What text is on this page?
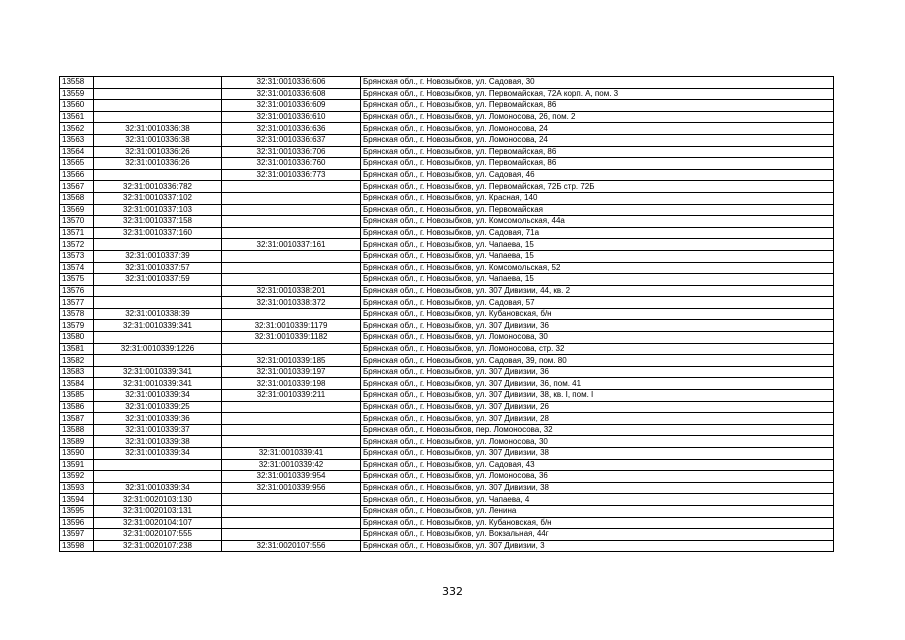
13558		32:31:0010336:606	Брянская обл., г. Новозыбков, ул. Садовая, 30
13559		32:31:0010336:608	Брянская обл., г. Новозыбков, ул. Первомайская, 72А корп. А, пом. 3
13560		32:31:0010336:609	Брянская обл., г. Новозыбков, ул. Первомайская, 86
13561		32:31:0010336:610	Брянская обл., г. Новозыбков, ул. Ломоносова, 26, пом. 2
13562	32:31:0010336:38	32:31:0010336:636	Брянская обл., г. Новозыбков, ул. Ломоносова, 24
13563	32:31:0010336:38	32:31:0010336:637	Брянская обл., г. Новозыбков, ул. Ломоносова, 24
13564	32:31:0010336:26	32:31:0010336:706	Брянская обл., г. Новозыбков, ул. Первомайская, 86
13565	32:31:0010336:26	32:31:0010336:760	Брянская обл., г. Новозыбков, ул. Первомайская, 86
13566		32:31:0010336:773	Брянская обл., г. Новозыбков, ул. Садовая, 46
13567	32:31:0010336:782		Брянская обл., г. Новозыбков, ул. Первомайская, 72Б стр. 72Б
13568	32:31:0010337:102		Брянская обл., г. Новозыбков, ул. Красная, 140
13569	32:31:0010337:103		Брянская обл., г. Новозыбков, ул. Первомайская
13570	32:31:0010337:158		Брянская обл., г. Новозыбков, ул. Комсомольская, 44а
13571	32:31:0010337:160		Брянская обл., г. Новозыбков, ул. Садовая, 71а
13572		32:31:0010337:161	Брянская обл., г. Новозыбков, ул. Чапаева, 15
13573	32:31:0010337:39		Брянская обл., г. Новозыбков, ул. Чапаева, 15
13574	32:31:0010337:57		Брянская обл., г. Новозыбков, ул. Комсомольская, 52
13575	32:31:0010337:59		Брянская обл., г. Новозыбков, ул. Чапаева, 15
13576		32:31:0010338:201	Брянская обл., г. Новозыбков, ул. 307 Дивизии, 44, кв. 2
13577		32:31:0010338:372	Брянская обл., г. Новозыбков, ул. Садовая, 57
13578	32:31:0010338:39		Брянская обл., г. Новозыбков, ул. Кубановская, б/н
13579	32:31:0010339:341	32:31:0010339:1179	Брянская обл., г. Новозыбков, ул. 307 Дивизии, 36
13580		32:31:0010339:1182	Брянская обл., г. Новозыбков, ул. Ломоносова, 30
13581	32:31:0010339:1226		Брянская обл., г. Новозыбков, ул. Ломоносова, стр. 32
13582		32:31:0010339:185	Брянская обл., г. Новозыбков, ул. Садовая, 39, пом. 80
13583	32:31:0010339:341	32:31:0010339:197	Брянская обл., г. Новозыбков, ул. 307 Дивизии, 36
13584	32:31:0010339:341	32:31:0010339:198	Брянская обл., г. Новозыбков, ул. 307 Дивизии, 36, пом. 41
13585	32:31:0010339:34	32:31:0010339:211	Брянская обл., г. Новозыбков, ул. 307 Дивизии, 38, кв. I, пом. I
13586	32:31:0010339:25		Брянская обл., г. Новозыбков, ул. 307 Дивизии, 26
13587	32:31:0010339:36		Брянская обл., г. Новозыбков, ул. 307 Дивизии, 28
13588	32:31:0010339:37		Брянская обл., г. Новозыбков, пер. Ломоносова, 32
13589	32:31:0010339:38		Брянская обл., г. Новозыбков, ул. Ломоносова, 30
13590	32:31:0010339:34	32:31:0010339:41	Брянская обл., г. Новозыбков, ул. 307 Дивизии, 38
13591		32:31:0010339:42	Брянская обл., г. Новозыбков, ул. Садовая, 43
13592		32:31:0010339:954	Брянская обл., г. Новозыбков, ул. Ломоносова, 36
13593	32:31:0010339:34	32:31:0010339:956	Брянская обл., г. Новозыбков, ул. 307 Дивизии, 38
13594	32:31:0020103:130		Брянская обл., г. Новозыбков, ул. Чапаева, 4
13595	32:31:0020103:131		Брянская обл., г. Новозыбков, ул. Ленина
13596	32:31:0020104:107		Брянская обл., г. Новозыбков, ул. Кубановская, б/н
13597	32:31:0020107:555		Брянская обл., г. Новозыбков, ул. Вокзальная, 44г
13598	32:31:0020107:238	32:31:0020107:556	Брянская обл., г. Новозыбков, ул. 307 Дивизии, 3
332
